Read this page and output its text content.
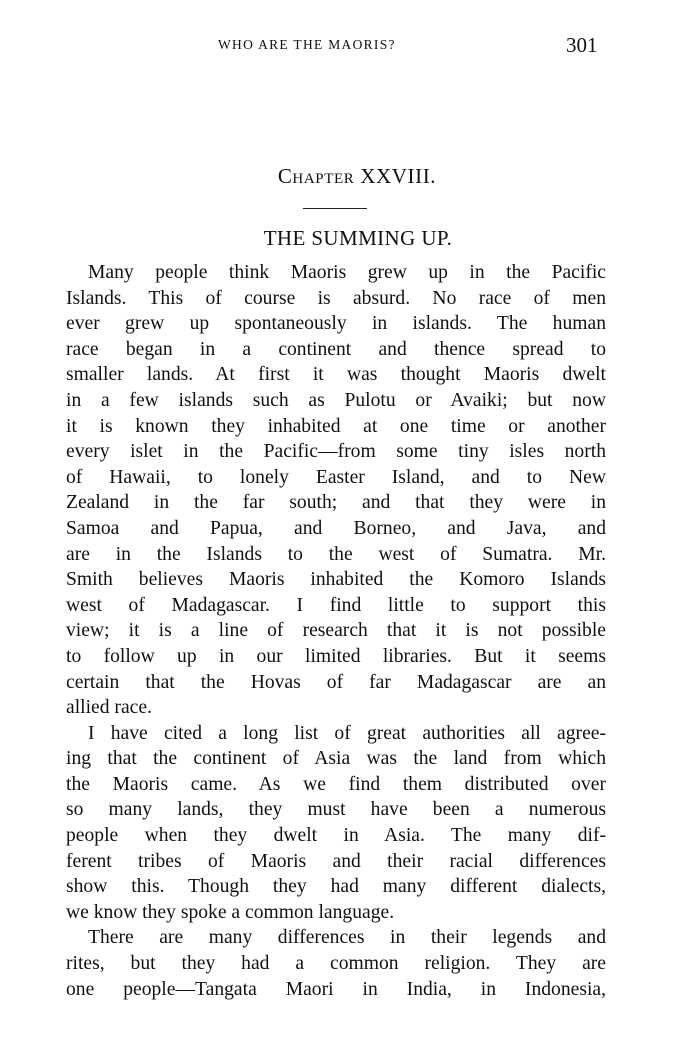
WHO ARE THE MAORIS?	301
Chapter XXVIII.
THE SUMMING UP.
Many people think Maoris grew up in the Pacific
Islands. This of course is absurd. No race of men
ever grew up spontaneously in islands. The human
race began in a continent and thence spread to
smaller lands. At first it was thought Maoris dwelt
in a few islands such as Pulotu or Avaiki; but now
it is known they inhabited at one time or another
every islet in the Pacific—from some tiny isles north
of Hawaii, to lonely Easter Island, and to New
Zealand in the far south; and that they were in
Samoa and Papua, and Borneo, and Java, and
are in the Islands to the west of Sumatra. Mr.
Smith believes Maoris inhabited the Komoro Islands
west of Madagascar. I find little to support this
view; it is a line of research that it is not possible
to follow up in our limited libraries. But it seems
certain that the Hovas of far Madagascar are an
allied race.
I have cited a long list of great authorities all agree-
ing that the continent of Asia was the land from which
the Maoris came. As we find them distributed over
so many lands, they must have been a numerous
people when they dwelt in Asia. The many dif-
ferent tribes of Maoris and their racial differences
show this. Though they had many different dialects,
we know they spoke a common language.
There are many differences in their legends and
rites, but they had a common religion. They are
one people—Tangata Maori in India, in Indonesia,
